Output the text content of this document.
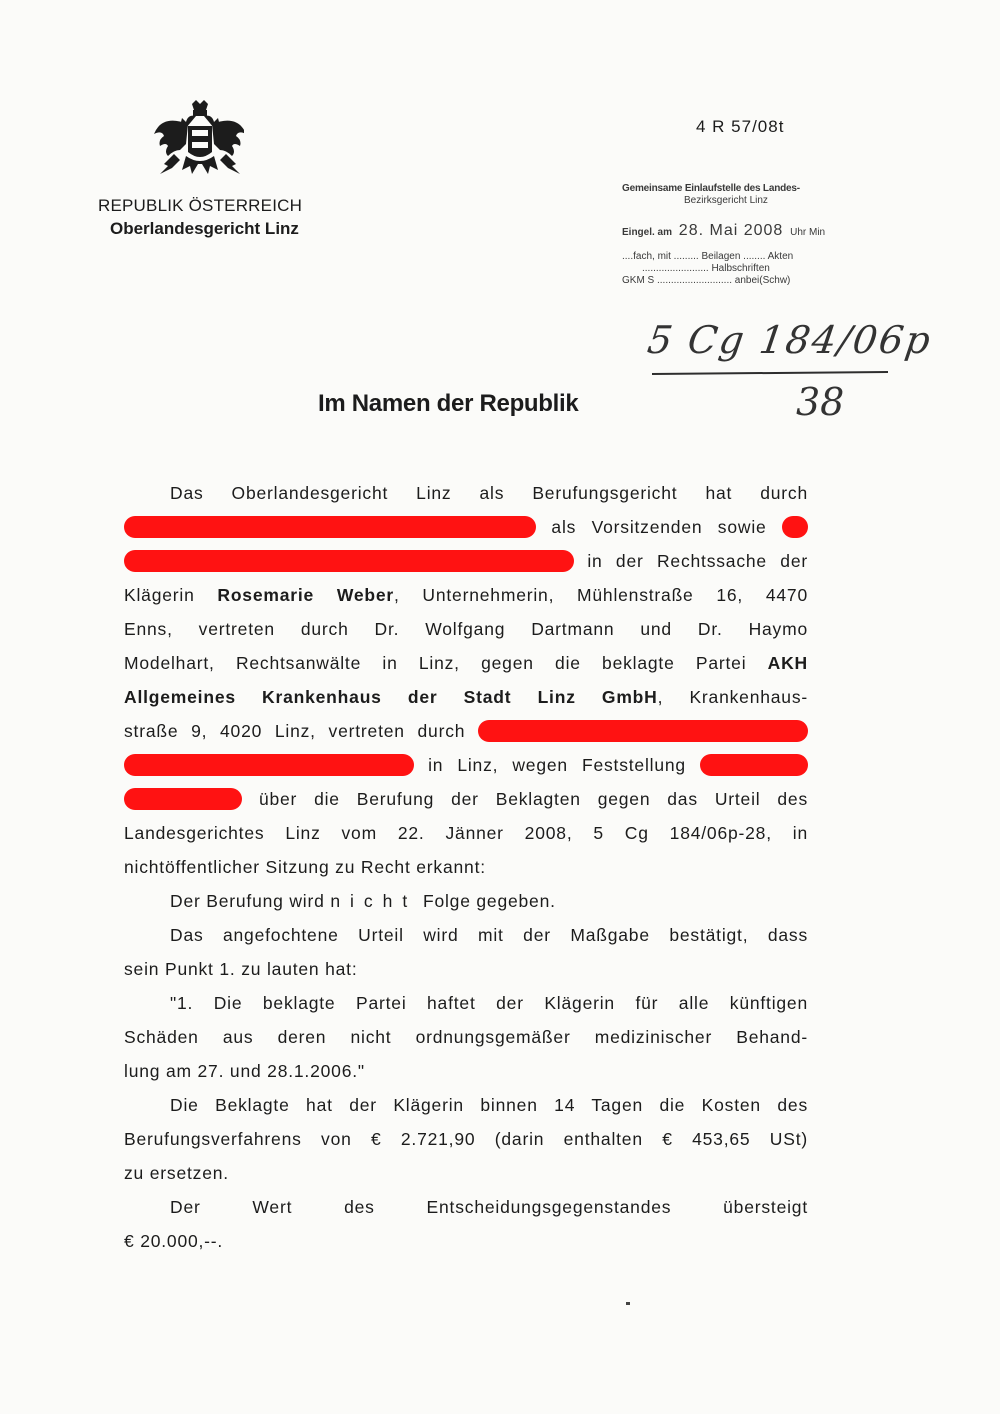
REPUBLIK ÖSTERREICH
Oberlandesgericht Linz
4 R 57/08t
Gemeinsame Einlaufstelle des Landes-
Bezirksgericht Linz
Eingel. am 28. Mai 2008 Uhr Min
....fach, mit ......... Beilagen ........ Akten
........................ Halbschriften
GKM S ........................... anbei(Schw)
5 Cg 184/06p
38
Im Namen der Republik

Das Oberlandesgericht Linz als Berufungsgericht hat durch

als Vorsitzenden sowie

in der Rechtssache der

Klägerin Rosemarie Weber, Unternehmerin, Mühlenstraße 16, 4470

Enns, vertreten durch Dr. Wolfgang Dartmann und Dr. Haymo

Modelhart, Rechtsanwälte in Linz, gegen die beklagte Partei AKH

Allgemeines Krankenhaus der Stadt Linz GmbH, Krankenhaus-

straße 9, 4020 Linz, vertreten durch

in Linz, wegen Feststellung

über die Berufung der Beklagten gegen das Urteil des

Landesgerichtes Linz vom 22. Jänner 2008, 5 Cg 184/06p-28, in

nichtöffentlicher Sitzung zu Recht erkannt:

Der Berufung wird nicht Folge gegeben.

Das angefochtene Urteil wird mit der Maßgabe bestätigt, dass

sein Punkt 1. zu lauten hat:

"1. Die beklagte Partei haftet der Klägerin für alle künftigen

Schäden aus deren nicht ordnungsgemäßer medizinischer Behand-

lung am 27. und 28.1.2006."

Die Beklagte hat der Klägerin binnen 14 Tagen die Kosten des

Berufungsverfahrens von € 2.721,90 (darin enthalten € 453,65 USt)

zu ersetzen.

Der Wert des Entscheidungsgegenstandes übersteigt

€ 20.000,--.
